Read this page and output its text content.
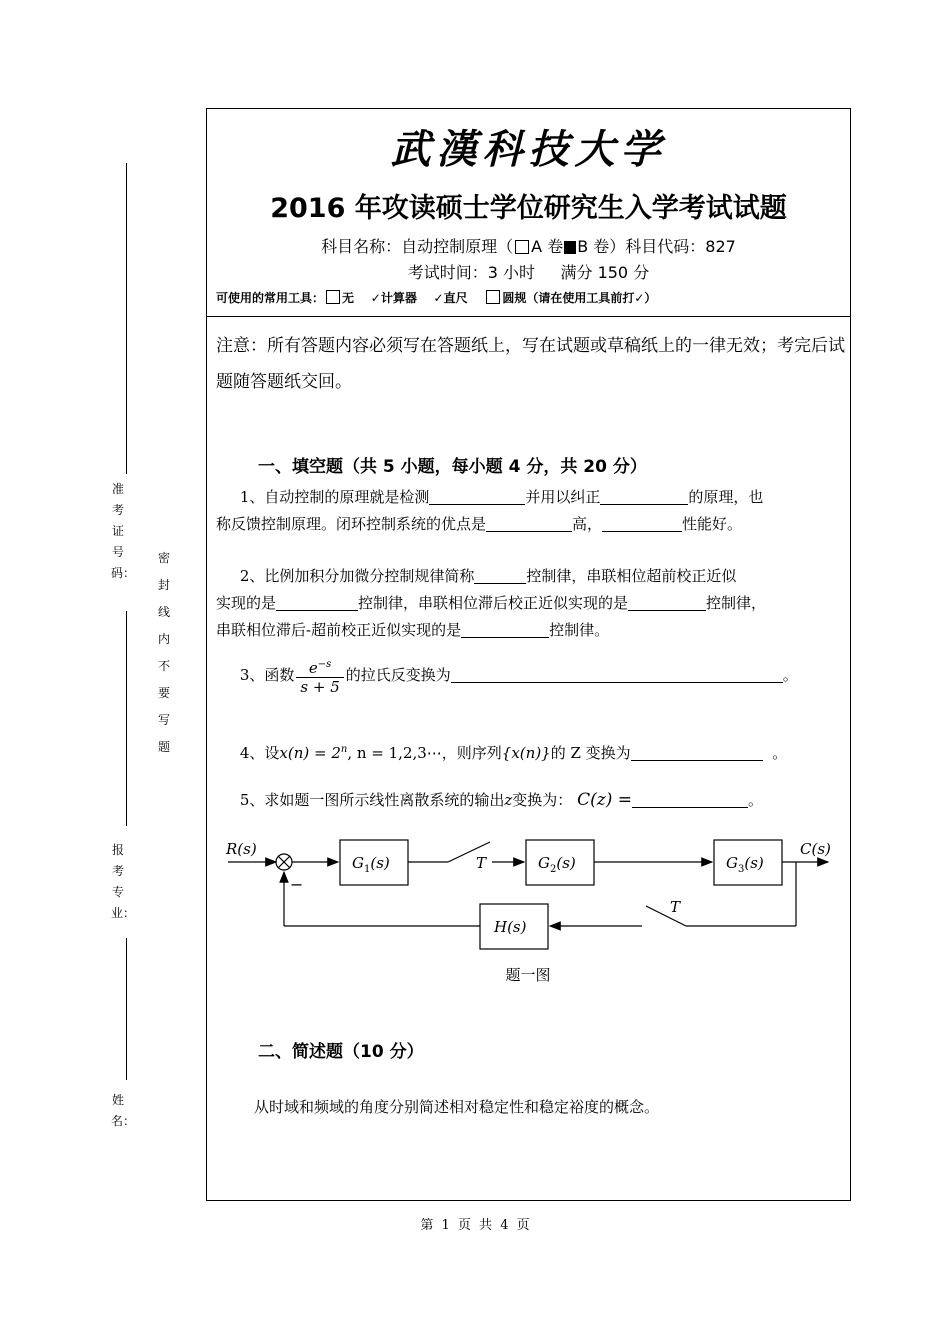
准考证号码：
密封线内不要写题
报考专业：
姓名：
武漢科技大学
2016 年攻读硕士学位研究生入学考试试题
科目名称：自动控制原理（ A 卷 B 卷）科目代码：827
考试时间：3 小时     满分 150 分
可使用的常用工具： 无 ✓计算器 ✓直尺	圆规（请在使用工具前打✓）
注意：所有答题内容必须写在答题纸上，写在试题或草稿纸上的一律无效；考完后试题随答题纸交回。
一、填空题（共 5 小题，每小题 4 分，共 20 分）
1、自动控制的原理就是检测	并用以纠正	的原理，也
称反馈控制原理。闭环控制系统的优点是	高，	性能好。
2、比例加积分加微分控制规律简称	控制律，串联相位超前校正近似
实现的是	控制律，串联相位滞后校正近似实现的是	控制律，
串联相位滞后-超前校正近似实现的是	控制律。
3、函数 $\frac{e^{-s}}{s + 5}$ 的拉氏反变换为	。
4、设$x(n) = 2^n$, n = 1,2,3⋯，则序列{x(n)}的 Z 变换为	。
5、求如题一图所示线性离散系统的输出z变换为： C(z) =	。
R(s)	C(s)
$G_1(s)$	$G_2(s)$	$G_3(s)$
H(s)
T
T
−
题一图
二、简述题（10 分）
从时域和频域的角度分别简述相对稳定性和稳定裕度的概念。
第 1 页 共 4 页
